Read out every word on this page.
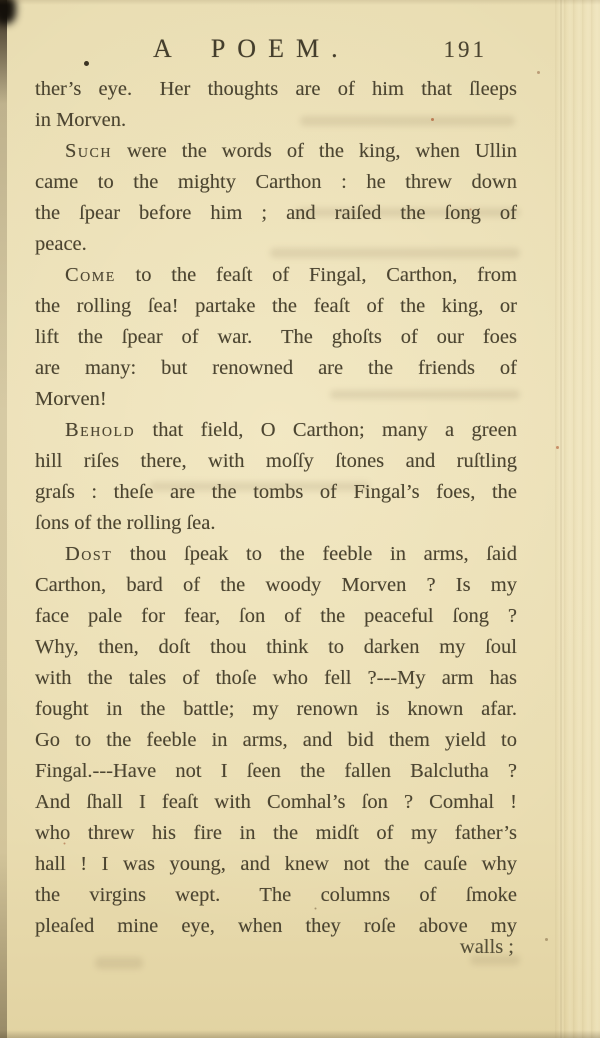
A POEM.	191
ther’s eye.  Her thoughts are of him that ſleeps
in Morven.
Such were the words of the king, when Ullin
came to the mighty Carthon : he threw down
the ſpear before him ; and raiſed the ſong of
peace.
Come to the feaſt of Fingal, Carthon, from
the rolling ſea! partake the feaſt of the king, or
lift the ſpear of war.  The ghoſts of our foes
are many: but renowned are the friends of
Morven!
Behold that field, O Carthon; many a green
hill riſes there, with moſſy ſtones and ruſtling
graſs : theſe are the tombs of Fingal’s foes, the
ſons of the rolling ſea.
Dost thou ſpeak to the feeble in arms, ſaid
Carthon, bard of the woody Morven ? Is my
face pale for fear, ſon of the peaceful ſong ?
Why, then, doſt thou think to darken my ſoul
with the tales of thoſe who fell ?---My arm has
fought in the battle; my renown is known afar.
Go to the feeble in arms, and bid them yield to
Fingal.---Have not I ſeen the fallen Balclutha ?
And ſhall I feaſt with Comhal’s ſon ? Comhal !
who threw his fire in the midſt of my father’s
hall ! I was young, and knew not the cauſe why
the virgins wept.  The columns of ſmoke
pleaſed mine eye, when they roſe above my
walls ;
